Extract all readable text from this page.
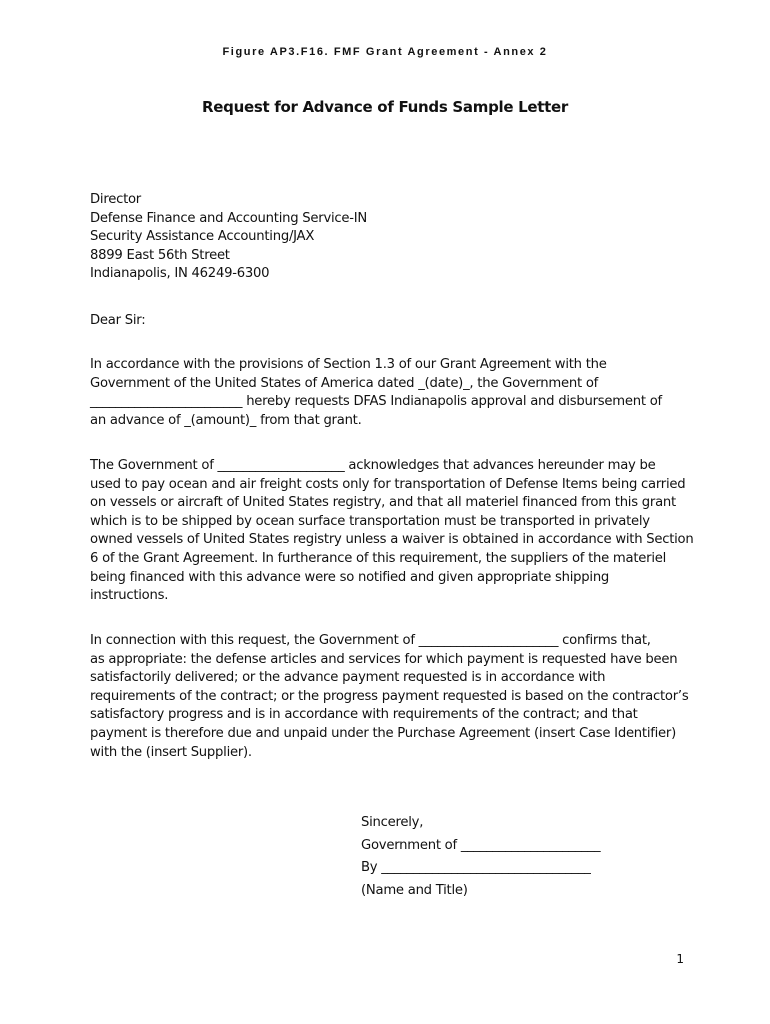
Figure AP3.F16. FMF Grant Agreement - Annex 2
Request for Advance of Funds Sample Letter
Director
Defense Finance and Accounting Service-IN
Security Assistance Accounting/JAX
8899 East 56th Street
Indianapolis, IN 46249-6300
Dear Sir:

In accordance with the provisions of Section 1.3 of our Grant Agreement with the
Government of the United States of America dated _(date)_, the Government of
________________________ hereby requests DFAS Indianapolis approval and disbursement of
an advance of _(amount)_ from that grant.

The Government of ____________________ acknowledges that advances hereunder may be
used to pay ocean and air freight costs only for transportation of Defense Items being carried
on vessels or aircraft of United States registry, and that all materiel financed from this grant
which is to be shipped by ocean surface transportation must be transported in privately
owned vessels of United States registry unless a waiver is obtained in accordance with Section
6 of the Grant Agreement. In furtherance of this requirement, the suppliers of the materiel
being financed with this advance were so notified and given appropriate shipping
instructions.

In connection with this request, the Government of ______________________ confirms that,
as appropriate: the defense articles and services for which payment is requested have been
satisfactorily delivered; or the advance payment requested is in accordance with
requirements of the contract; or the progress payment requested is based on the contractor’s
satisfactory progress and is in accordance with requirements of the contract; and that
payment is therefore due and unpaid under the Purchase Agreement (insert Case Identifier)
with the (insert Supplier).

Sincerely,
Government of ______________________
By _________________________________
(Name and Title)
1
